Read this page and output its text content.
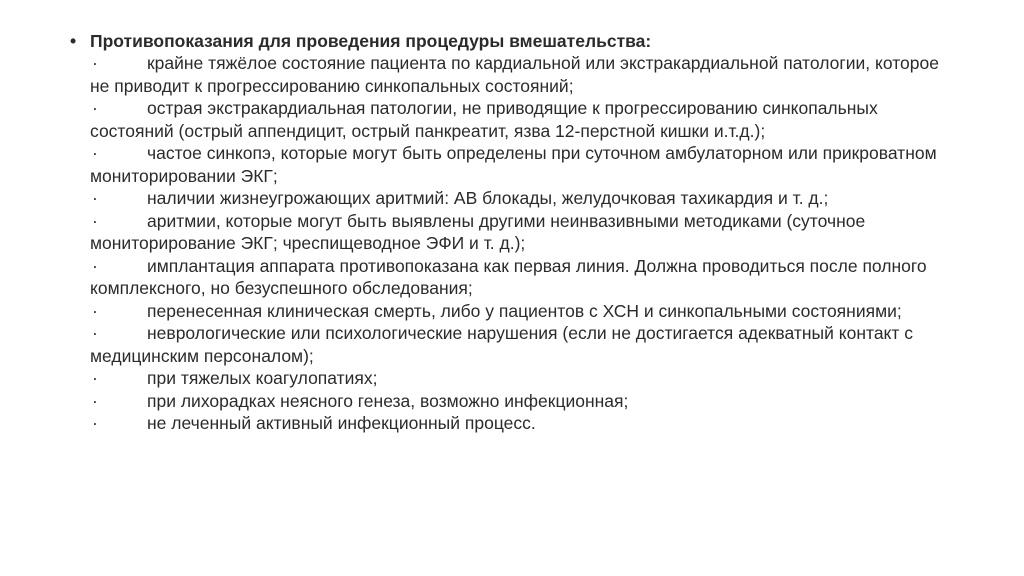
• Противопоказания для проведения процедуры вмешательства:
·	крайне тяжёлое состояние пациента по кардиальной или экстракардиальной патологии, которое не приводит к прогрессированию синкопальных состояний;
·	острая экстракардиальная патологии, не приводящие к прогрессированию синкопальных состояний (острый аппендицит, острый панкреатит, язва 12-перстной кишки и.т.д.);
·	частое синкопэ, которые могут быть определены при суточном амбулаторном или прикроватном мониторировании ЭКГ;
·	наличии жизнеугрожающих аритмий: АВ блокады, желудочковая тахикардия и т. д.;
·	аритмии, которые могут быть выявлены другими неинвазивными методиками (суточное мониторирование ЭКГ; чреспищеводное ЭФИ и т. д.);
·	имплантация аппарата противопоказана как первая линия. Должна проводиться после полного комплексного, но безуспешного обследования;
·	перенесенная клиническая смерть, либо у пациентов с ХСН и синкопальными состояниями;
·	неврологические или психологические нарушения (если не достигается адекватный контакт с медицинским персоналом);
·	при тяжелых коагулопатиях;
·	при лихорадках неясного генеза, возможно инфекционная;
·	не леченный активный инфекционный процесс.
